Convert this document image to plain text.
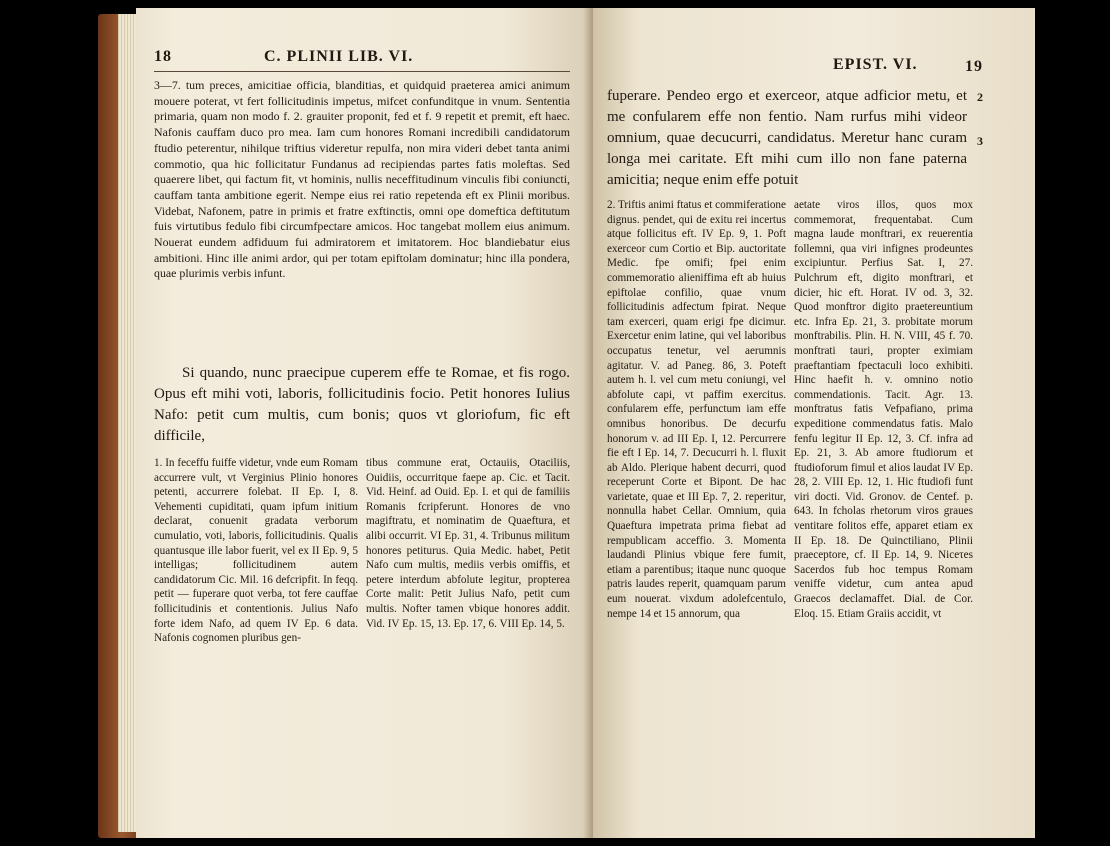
18	C. PLINII LIB. VI.

3—7. tum preces, amicitiae officia, blanditias, et quidquid praeterea amici animum mouere poterat, vt fert follicitudinis impetus, mifcet confunditque in vnum. Sententia primaria, quam non modo f. 2. grauiter proponit, fed et f. 9 repetit et premit, eft haec. Nafonis cauffam duco pro mea. Iam cum honores Romani incredibili candidatorum ftudio peterentur, nihilque triftius videretur repulfa, non mira videri debet tanta animi commotio, qua hic follicitatur Fundanus ad recipiendas partes fatis moleftas. Sed quaerere libet, qui factum fit, vt hominis, nullis neceffitudinum vinculis fibi coniuncti, cauffam tanta ambitione egerit. Nempe eius rei ratio repetenda eft ex Plinii moribus. Videbat, Nafonem, patre in primis et fratre exftinctis, omni ope domeftica deftitutum fuis virtutibus fedulo fibi circumfpectare amicos. Hoc tangebat mollem eius animum. Nouerat eundem adfiduum fui admiratorem et imitatorem. Hoc blandiebatur eius ambitioni. Hinc ille animi ardor, qui per totam epiftolam dominatur; hinc illa pondera, quae plurimis verbis infunt.

Si quando, nunc praecipue cuperem effe te Romae, et fis rogo. Opus eft mihi voti, laboris, follicitudinis focio. Petit honores Iulius Nafo: petit cum multis, cum bonis; quos vt gloriofum, fic eft difficile,

1. In feceffu fuiffe videtur, vnde eum Romam accurrere vult, vt Verginius Plinio honores petenti, accurrere folebat. II Ep. I, 8. Vehementi cupiditati, quam ipfum initium declarat, conuenit gradata verborum cumulatio, voti, laboris, follicitudinis. Qualis quantusque ille labor fuerit, vel ex II Ep. 9, 5 intelligas; follicitudinem autem candidatorum Cic. Mil. 16 defcripfit. In feqq. petit — fuperare quot verba, tot fere cauffae follicitudinis et contentionis. Julius Nafo forte idem Nafo, ad quem IV Ep. 6 data. Nafonis cognomen pluribus gen-

tibus commune erat, Octauiis, Otaciliis, Ouidiis, occurritque faepe ap. Cic. et Tacit. Vid. Heinf. ad Ouid. Ep. I. et qui de familiis Romanis fcripferunt. Honores de vno magiftratu, et nominatim de Quaeftura, et alibi occurrit. VI Ep. 31, 4. Tribunus militum honores petiturus. Quia Medic. habet, Petit Nafo cum multis, mediis verbis omiffis, et petere interdum abfolute legitur, propterea Corte malit: Petit Julius Nafo, petit cum multis. Nofter tamen vbique honores addit. Vid. IV Ep. 15, 13. Ep. 17, 6. VIII Ep. 14, 5.

EPIST. VI.	19
fuperare. Pendeo ergo et exerceor, atque adficior metu, et me confularem effe non fentio. Nam rurfus mihi videor omnium, quae decucurri, candidatus. Meretur hanc curam longa mei caritate. Eft mihi cum illo non fane paterna amicitia; neque enim effe potuit
2
3

2. Triftis animi ftatus et commiferatione dignus. pendet, qui de exitu rei incertus atque follicitus eft. IV Ep. 9, 1. Poft exerceor cum Cortio et Bip. auctoritate Medic. fpe omifi; fpei enim commemoratio alieniffima eft ab huius epiftolae confilio, quae vnum follicitudinis adfectum fpirat. Neque tam exerceri, quam erigi fpe dicimur. Exercetur enim latine, qui vel laboribus occupatus tenetur, vel aerumnis agitatur. V. ad Paneg. 86, 3. Poteft autem h. l. vel cum metu coniungi, vel abfolute capi, vt paffim exercitus. confularem effe, perfunctum iam effe omnibus honoribus. De decurfu honorum v. ad III Ep. I, 12. Percurrere fie eft I Ep. 14, 7. Decucurri h. l. fluxit ab Aldo. Plerique habent decurri, quod receperunt Corte et Bipont. De hac varietate, quae et III Ep. 7, 2. reperitur, nonnulla habet Cellar. Omnium, quia Quaeftura impetrata prima fiebat ad rempublicam acceffio. 3. Momenta laudandi Plinius vbique fere fumit, etiam a parentibus; itaque nunc quoque patris laudes reperit, quamquam parum eum nouerat. vixdum adolefcentulo, nempe 14 et 15 annorum, qua

aetate viros illos, quos mox commemorat, frequentabat. Cum magna laude monftrari, ex reuerentia follemni, qua viri infignes prodeuntes excipiuntur. Perfius Sat. I, 27. Pulchrum eft, digito monftrari, et dicier, hic eft. Horat. IV od. 3, 32. Quod monftror digito praetereuntium etc. Infra Ep. 21, 3. probitate morum monftrabilis. Plin. H. N. VIII, 45 f. 70. monftrati tauri, propter eximiam praeftantiam fpectaculi loco exhibiti. Hinc haefit h. v. omnino notio commendationis. Tacit. Agr. 13. monftratus fatis Vefpafiano, prima expeditione commendatus fatis. Malo fenfu legitur II Ep. 12, 3. Cf. infra ad Ep. 21, 3. Ab amore ftudiorum et ftudioforum fimul et alios laudat IV Ep. 28, 2. VIII Ep. 12, 1. Hic ftudiofi funt viri docti. Vid. Gronov. de Centef. p. 643. In fcholas rhetorum viros graues ventitare folitos effe, apparet etiam ex II Ep. 18. De Quinctiliano, Plinii praeceptore, cf. II Ep. 14, 9. Niceτes Sacerdos fub hoc tempus Romam veniffe videtur, cum antea apud Graecos declamaffet. Dial. de Cor. Eloq. 15. Etiam Graiis accidit, vt
